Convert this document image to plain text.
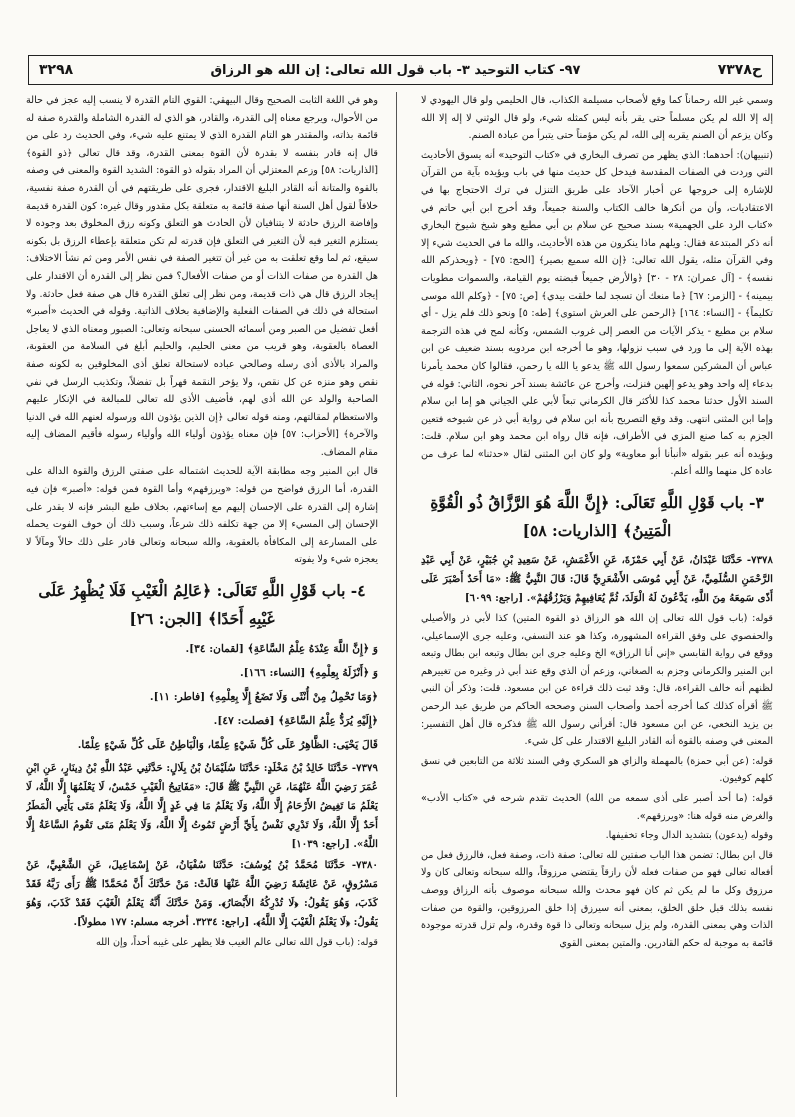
ح٧٣٧٨
٩٧- كتاب التوحيد ٣- باب قول الله تعالى: إن الله هو الرزاق
٣٢٩٨

وسمي غير الله رحماناً كما وقع لأصحاب مسيلمة الكذاب، قال الحليمي ولو قال اليهودي لا إله إلا الله لم يكن مسلماً حتى يقر بأنه ليس كمثله شيء، ولو قال الوثني لا إله إلا الله وكان يزعم أن الصنم يقربه إلى الله، لم يكن مؤمناً حتى يتبرأ من عبادة الصنم.

(تنبيهان): أحدهما: الذي يظهر من تصرف البخاري في «كتاب التوحيد» أنه يسوق الأحاديث التي وردت في الصفات المقدسة فيدخل كل حديث منها في باب ويؤيده بآية من القرآن للإشارة إلى خروجها عن أخبار الآحاد على طريق التنزل في ترك الاحتجاج بها في الاعتقاديات، وأن من أنكرها خالف الكتاب والسنة جميعاً، وقد أخرج ابن أبي حاتم في «كتاب الرد على الجهمية» بسند صحيح عن سلام بن أبي مطيع وهو شيخ شيوخ البخاري أنه ذكر المبتدعة فقال: ويلهم ماذا ينكرون من هذه الأحاديث، والله ما في الحديث شيء إلا وفي القرآن مثله، يقول الله تعالى: ﴿إن الله سميع بصير﴾ [الحج: ٧٥] - ﴿ويحذركم الله نفسه﴾ - [آل عمران: ٢٨ - ٣٠] ﴿والأرض جميعاً قبضته يوم القيامة، والسموات مطويات بيمينه﴾ - [الزمر: ٦٧] ﴿ما منعك أن تسجد لما خلقت بيدي﴾ [ص: ٧٥] - ﴿وكلم الله موسى تكليماً﴾ - [النساء: ١٦٤] ﴿الرحمن على العرش استوى﴾ [طه: ٥] ونحو ذلك فلم يزل - أي سلام بن مطيع - يذكر الآيات من العصر إلى غروب الشمس، وكأنه لمح في هذه الترجمة بهذه الآية إلى ما ورد في سبب نزولها، وهو ما أخرجه ابن مردويه بسند ضعيف عن ابن عباس أن المشركين سمعوا رسول الله ﷺ يدعو يا الله يا رحمن، فقالوا كان محمد يأمرنا بدعاء إله واحد وهو يدعو إلهين فنزلت، وأخرج عن عائشة بسند آخر نحوه، الثاني: قوله في السند الأول حدثنا محمد كذا للأكثر قال الكرماني تبعاً لأبي علي الجياني هو إما ابن سلام وإما ابن المثنى انتهى. وقد وقع التصريح بأنه ابن سلام في رواية أبي ذر عن شيوخه فتعين الجزم به كما صنع المزي في الأطراف، فإنه قال رواه ابن محمد وهو ابن سلام. قلت: ويؤيده أنه عبر بقوله «أنبأنا أبو معاوية» ولو كان ابن المثنى لقال «حدثنا» لما عرف من عادة كل منهما والله أعلم.

٣- باب قَوْلِ اللَّهِ تَعَالَى: ﴿إِنَّ اللَّهَ هُوَ الرَّزَّاقُ ذُو الْقُوَّةِ الْمَتِينُ﴾ [الذاريات: ٥٨]

٧٣٧٨- حَدَّثَنَا عَبْدَانُ، عَنْ أَبِي حَمْزَةَ، عَنِ الأَعْمَشِ، عَنْ سَعِيدِ بْنِ جُبَيْرٍ، عَنْ أَبِي عَبْدِ الرَّحْمَنِ السُّلَمِيِّ، عَنْ أَبِي مُوسَى الأَشْعَرِيِّ قَالَ: قَالَ النَّبِيُّ ﷺ: «مَا أَحَدٌ أَصْبَرَ عَلَى أَذًى سَمِعَهُ مِنَ اللَّهِ، يَدَّعُونَ لَهُ الْوَلَدَ، ثُمَّ يُعَافِيهِمْ وَيَرْزُقُهُمْ». [راجع: ٦٠٩٩]

قوله: (باب قول الله تعالى إن الله هو الرزاق ذو القوة المتين) كذا لأبي ذر والأصيلي والحفصوي على وفق القراءة المشهورة، وكذا هو عند النسفي، وعليه جرى الإسماعيلي، ووقع في رواية القابسي «إني أنا الرزاق» الخ وعليه جرى ابن بطال وتبعه ابن بطال وتبعه ابن المنير والكرماني وجزم به الصغاني، وزعم أن الذي وقع عند أبي ذر وغيره من تغييرهم لظنهم أنه خالف القراءة، قال: وقد ثبت ذلك قراءة عن ابن مسعود. قلت: وذكر أن النبي ﷺ أقرأه كذلك كما أخرجه أحمد وأصحاب السنن وصححه الحاكم من طريق عبد الرحمن بن يزيد النخعي، عن ابن مسعود قال: أقرأني رسول الله ﷺ فذكره قال أهل التفسير: المعنى في وصفه بالقوة أنه القادر البليغ الاقتدار على كل شيء.

قوله: (عن أبي حمزة) بالمهملة والزاي هو السكري وفي السند ثلاثة من التابعين في نسق كلهم كوفيون.

قوله: (ما أحد أصبر على أذى سمعه من الله) الحديث تقدم شرحه في «كتاب الأدب» والغرض منه قوله هنا: «ويرزقهم».

وقوله (يدعون) بتشديد الدال وجاء تخفيفها.

قال ابن بطال: تضمن هذا الباب صفتين لله تعالى: صفة ذات، وصفة فعل، فالرزق فعل من أفعاله تعالى فهو من صفات فعله لأن رازقاً يقتضي مرزوقاً، والله سبحانه وتعالى كان ولا مرزوق وكل ما لم يكن ثم كان فهو محدث والله سبحانه موصوف بأنه الرزاق ووصف نفسه بذلك قبل خلق الخلق، بمعنى أنه سيرزق إذا خلق المرزوقين، والقوة من صفات الذات وهي بمعنى القدرة، ولم يزل سبحانه وتعالى ذا قوة وقدرة، ولم تزل قدرته موجودة قائمة به موجبة له حكم القادرين. والمتين بمعنى القوي

وهو في اللغة الثابت الصحيح وقال البيهقي: القوي التام القدرة لا ينسب إليه عجز في حالة من الأحوال، ويرجع معناه إلى القدرة، والقادر، هو الذي له القدرة الشاملة والقدرة صفة له قائمة بذاته، والمقتدر هو التام القدرة الذي لا يمتنع عليه شيء، وفي الحديث رد على من قال إنه قادر بنفسه لا بقدرة لأن القوة بمعنى القدرة، وقد قال تعالى ﴿ذو القوة﴾ [الذاريات: ٥٨] وزعم المعتزلي أن المراد بقوله ذو القوة: الشديد القوة والمعنى في وصفه بالقوة والمتانة أنه القادر البليغ الاقتدار، فجرى على طريقتهم في أن القدرة صفة نفسية، خلافاً لقول أهل السنة أنها صفة قائمة به متعلقة بكل مقدور وقال غيره: كون القدرة قديمة وإفاضة الرزق حادثة لا يتنافيان لأن الحادث هو التعلق وكونه رزق المخلوق بعد وجوده لا يستلزم التغير فيه لأن التغير في التعلق فإن قدرته لم تكن متعلقة بإعطاء الرزق بل بكونه سيقع، ثم لما وقع تعلقت به من غير أن تتغير الصفة في نفس الأمر ومن ثم نشأ الاختلاف: هل القدرة من صفات الذات أو من صفات الأفعال؟ فمن نظر إلى القدرة أن الاقتدار على إيجاد الرزق قال هي ذات قديمة، ومن نظر إلى تعلق القدرة قال هي صفة فعل حادثة. ولا استحالة في ذلك في الصفات الفعلية والإضافية بخلاف الذاتية. وقوله في الحديث «أصبر» أفعل تفضيل من الصبر ومن أسمائه الحسنى سبحانه وتعالى: الصبور ومعناه الذي لا يعاجل العصاة بالعقوبة، وهو قريب من معنى الحليم، والحليم أبلغ في السلامة من العقوبة، والمراد بالأذى أذى رسله وصالحي عباده لاستحالة تعلق أذى المخلوقين به لكونه صفة نقص وهو منزه عن كل نقص، ولا يؤخر النقمة قهراً بل تفضلاً، وتكذيب الرسل في نفي الصاحبة والولد عن الله أذى لهم، فأضيف الأذى لله تعالى للمبالغة في الإنكار عليهم والاستعظام لمقالتهم، ومنه قوله تعالى ﴿إن الذين يؤذون الله ورسوله لعنهم الله في الدنيا والآخرة﴾ [الأحزاب: ٥٧] فإن معناه يؤذون أولياء الله وأولياء رسوله فأقيم المضاف إليه مقام المضاف.

قال ابن المنير وجه مطابقة الآية للحديث اشتماله على صفتي الرزق والقوة الدالة على القدرة، أما الرزق فواضح من قوله: «ويرزقهم» وأما القوة فمن قوله: «أصبر» فإن فيه إشارة إلى القدرة على الإحسان إليهم مع إساءتهم، بخلاف طبع البشر فإنه لا يقدر على الإحسان إلى المسيء إلا من جهة تكلفه ذلك شرعاً، وسبب ذلك أن خوف الفوت يحمله على المسارعة إلى المكافأة بالعقوبة، والله سبحانه وتعالى قادر على ذلك حالاً ومآلاً لا يعجزه شيء ولا يفوته

٤- باب قَوْلِ اللَّهِ تَعَالَى: ﴿عَالِمُ الْغَيْبِ فَلَا يُظْهِرُ عَلَى غَيْبِهِ أَحَدًا﴾ [الجن: ٢٦]

وَ ﴿إِنَّ اللَّهَ عِنْدَهُ عِلْمُ السَّاعَةِ﴾ [لقمان: ٣٤].

وَ ﴿أَنْزَلَهُ بِعِلْمِهِ﴾ [النساء: ١٦٦].

﴿وَمَا تَحْمِلُ مِنْ أُنْثَى وَلَا تَضَعُ إِلَّا بِعِلْمِهِ﴾ [فاطر: ١١].

﴿إِلَيْهِ يُرَدُّ عِلْمُ السَّاعَةِ﴾ [فصلت: ٤٧].

قَالَ يَحْيَى: الظَّاهِرُ عَلَى كُلِّ شَيْءٍ عِلْمًا، وَالْبَاطِنُ عَلَى كُلِّ شَيْءٍ عِلْمًا.

٧٣٧٩- حَدَّثَنَا خَالِدُ بْنُ مَخْلَدٍ: حَدَّثَنَا سُلَيْمَانُ بْنُ بِلَالٍ: حَدَّثَنِي عَبْدُ اللَّهِ بْنُ دِينَارٍ، عَنِ ابْنِ عُمَرَ رَضِيَ اللَّهُ عَنْهُمَا، عَنِ النَّبِيِّ ﷺ قَالَ: «مَفَاتِيحُ الْغَيْبِ خَمْسٌ، لَا يَعْلَمُهَا إِلَّا اللَّهُ، لَا يَعْلَمُ مَا تَغِيضُ الأَرْحَامُ إِلَّا اللَّهُ، وَلَا يَعْلَمُ مَا فِي غَدٍ إِلَّا اللَّهُ، وَلَا يَعْلَمُ مَتَى يَأْتِي الْمَطَرُ أَحَدٌ إِلَّا اللَّهُ، وَلَا تَدْرِي نَفْسٌ بِأَيِّ أَرْضٍ تَمُوتُ إِلَّا اللَّهُ، وَلَا يَعْلَمُ مَتَى تَقُومُ السَّاعَةُ إِلَّا اللَّهُ». [راجع: ١٠٣٩]

٧٣٨٠- حَدَّثَنَا مُحَمَّدُ بْنُ يُوسُفَ: حَدَّثَنَا سُفْيَانُ، عَنْ إِسْمَاعِيلَ، عَنِ الشَّعْبِيِّ، عَنْ مَسْرُوقٍ، عَنْ عَائِشَةَ رَضِيَ اللَّهُ عَنْهَا قَالَتْ: مَنْ حَدَّثَكَ أَنَّ مُحَمَّدًا ﷺ رَأَى رَبَّهُ فَقَدْ كَذَبَ، وَهُوَ يَقُولُ: ﴿لَا تُدْرِكُهُ الأَبْصَارُ﴾. وَمَنْ حَدَّثَكَ أَنَّهُ يَعْلَمُ الْغَيْبَ فَقَدْ كَذَبَ، وَهُوَ يَقُولُ: ﴿لَا يَعْلَمُ الْغَيْبَ إِلَّا اللَّهُ﴾. [راجع: ٣٢٣٤. أخرجه مسلم: ١٧٧ مطولاً].

قوله: (باب قول الله تعالى عالم الغيب فلا يظهر على غيبه أحداً، وإن الله
